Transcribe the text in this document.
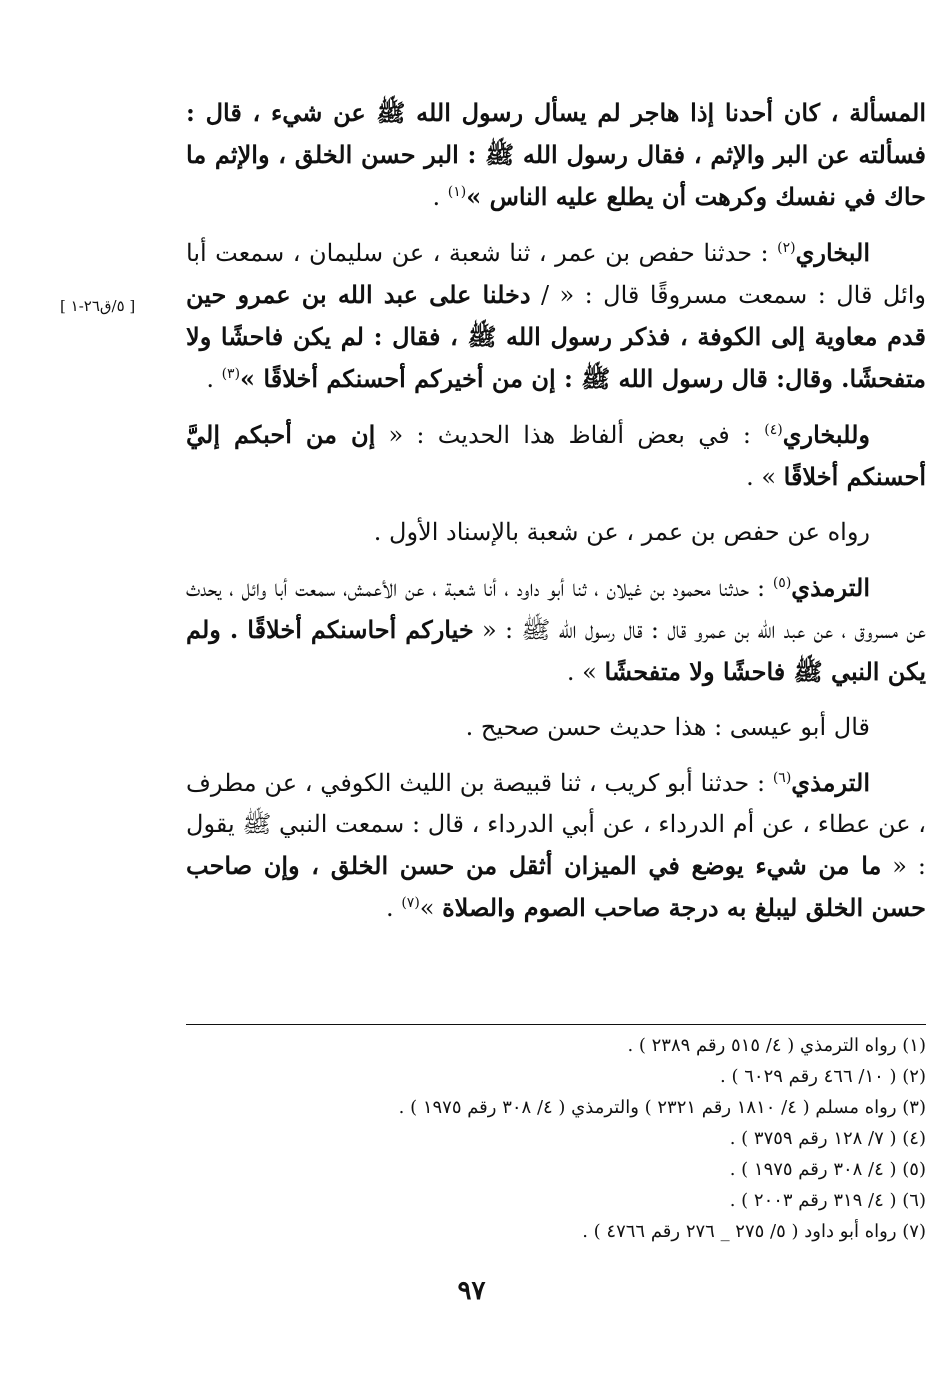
المسألة ، كان أحدنا إذا هاجر لم يسأل رسول الله ﷺ عن شيء ، قال : فسألته عن البر والإثم ، فقال رسول الله ﷺ : البر حسن الخلق ، والإثم ما حاك في نفسك وكرهت أن يطلع عليه الناس »$^{(١)}$ .

البخاري$^{(٢)}$ : حدثنا حفص بن عمر ، ثنا شعبة ، عن سليمان ، سمعت أبا وائل قال : سمعت مسروقًا قال : « / دخلنا على عبد الله بن عمرو حين قدم معاوية إلى الكوفة ، فذكر رسول الله ﷺ ، فقال : لم يكن فاحشًا ولا متفحشًا. وقال: قال رسول الله ﷺ : إن من أخيركم أحسنكم أخلاقًا »$^{(٣)}$ .

وللبخاري$^{(٤)}$ : في بعض ألفاظ هذا الحديث : « إن من أحبكم إليَّ أحسنكم أخلاقًا » .

رواه عن حفص بن عمر ، عن شعبة بالإسناد الأول .

الترمذي$^{(٥)}$ : حدثنا محمود بن غيلان ، ثنا أبو داود ، أنا شعبة ، عن الأعمش، سمعت أبا وائل ، يحدث عن مسروق ، عن عبد الله بن عمرو قال : قال رسول الله ﷺ : « خياركم أحاسنكم أخلاقًا . ولم يكن النبي ﷺ فاحشًا ولا متفحشًا » .

قال أبو عيسى : هذا حديث حسن صحيح .

الترمذي$^{(٦)}$ : حدثنا أبو كريب ، ثنا قبيصة بن الليث الكوفي ، عن مطرف ، عن عطاء ، عن أم الدرداء ، عن أبي الدرداء ، قال : سمعت النبي ﷺ يقول : « ما من شيء يوضع في الميزان أثقل من حسن الخلق ، وإن صاحب حسن الخلق ليبلغ به درجة صاحب الصوم والصلاة »$^{(٧)}$ .

[ ٥/ق٢٦-١ ]
(١) رواه الترمذي ( ٤/ ٥١٥ رقم ٢٣٨٩ ) .
(٢) ( ١٠/ ٤٦٦ رقم ٦٠٢٩ ) .
(٣) رواه مسلم ( ٤/ ١٨١٠ رقم ٢٣٢١ ) والترمذي ( ٤/ ٣٠٨ رقم ١٩٧٥ ) .
(٤) ( ٧/ ١٢٨ رقم ٣٧٥٩ ) .
(٥) ( ٤/ ٣٠٨ رقم ١٩٧٥ ) .
(٦) ( ٤/ ٣١٩ رقم ٢٠٠٣ ) .
(٧) رواه أبو داود ( ٥/ ٢٧٥ _ ٢٧٦ رقم ٤٧٦٦ ) .
٩٧
